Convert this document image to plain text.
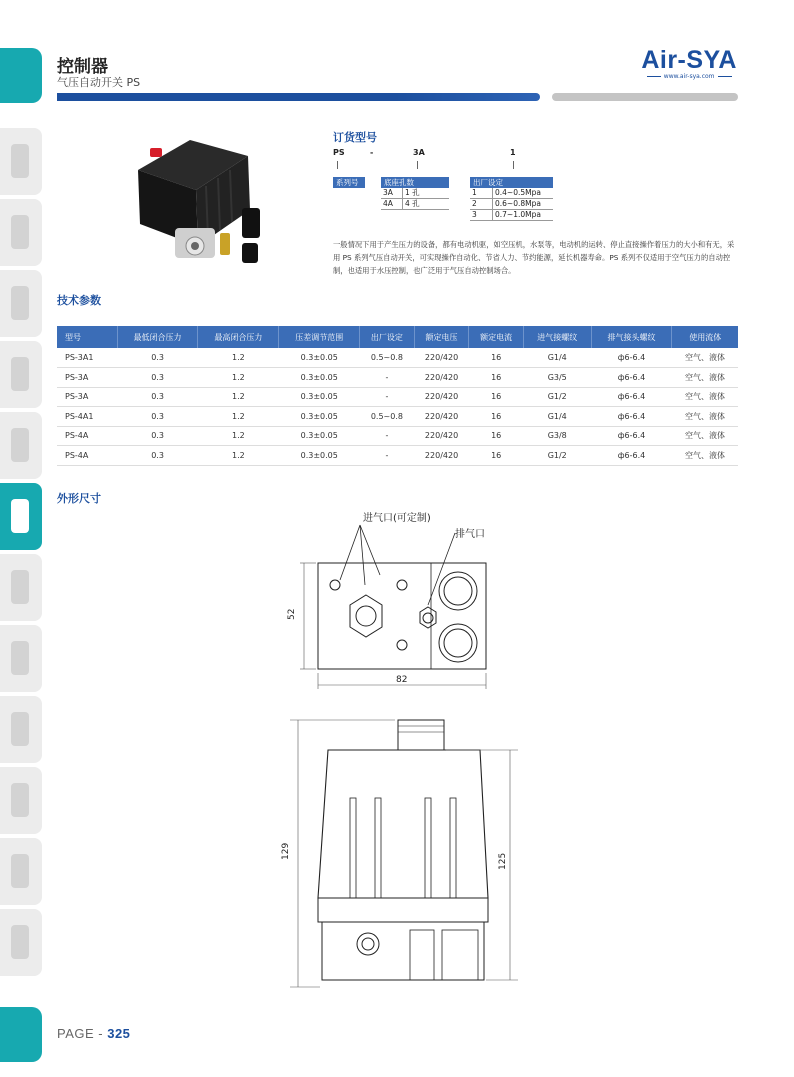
控制器
气压自动开关 PS
Air-SYA
www.air-sya.com
订货型号
PS	-	3A	1
系列号	底座孔数
3A	1 孔
4A	4 孔
出厂设定
1	0.4~0.5Mpa
2	0.6~0.8Mpa
3	0.7~1.0Mpa
一般情况下用于产生压力的设备，都有电动机驱，如空压机，水泵等，电动机的运转、停止直接操作着压力的大小和有无，采用 PS 系列气压自动开关，可实现操作自动化、节省人力、节约能源，延长机器寿命。PS 系列不仅适用于空气压力的自动控制，也适用于水压控制，也广泛用于气压自动控制场合。
技术参数
型号	最低闭合压力	最高闭合压力	压差调节范围	出厂设定	额定电压	额定电流	进气接螺纹	排气接头螺纹	使用流体
PS-3A1	0.3	1.2	0.3±0.05	0.5~0.8	220/420	16	G1/4	ф6-6.4	空气、液体
PS-3A	0.3	1.2	0.3±0.05	-	220/420	16	G3/5	ф6-6.4	空气、液体
PS-3A	0.3	1.2	0.3±0.05	-	220/420	16	G1/2	ф6-6.4	空气、液体
PS-4A1	0.3	1.2	0.3±0.05	0.5~0.8	220/420	16	G1/4	ф6-6.4	空气、液体
PS-4A	0.3	1.2	0.3±0.05	-	220/420	16	G3/8	ф6-6.4	空气、液体
PS-4A	0.3	1.2	0.3±0.05	-	220/420	16	G1/2	ф6-6.4	空气、液体
外形尺寸
进气口(可定制)
排气口
52
82
129
125
PAGE - 325
